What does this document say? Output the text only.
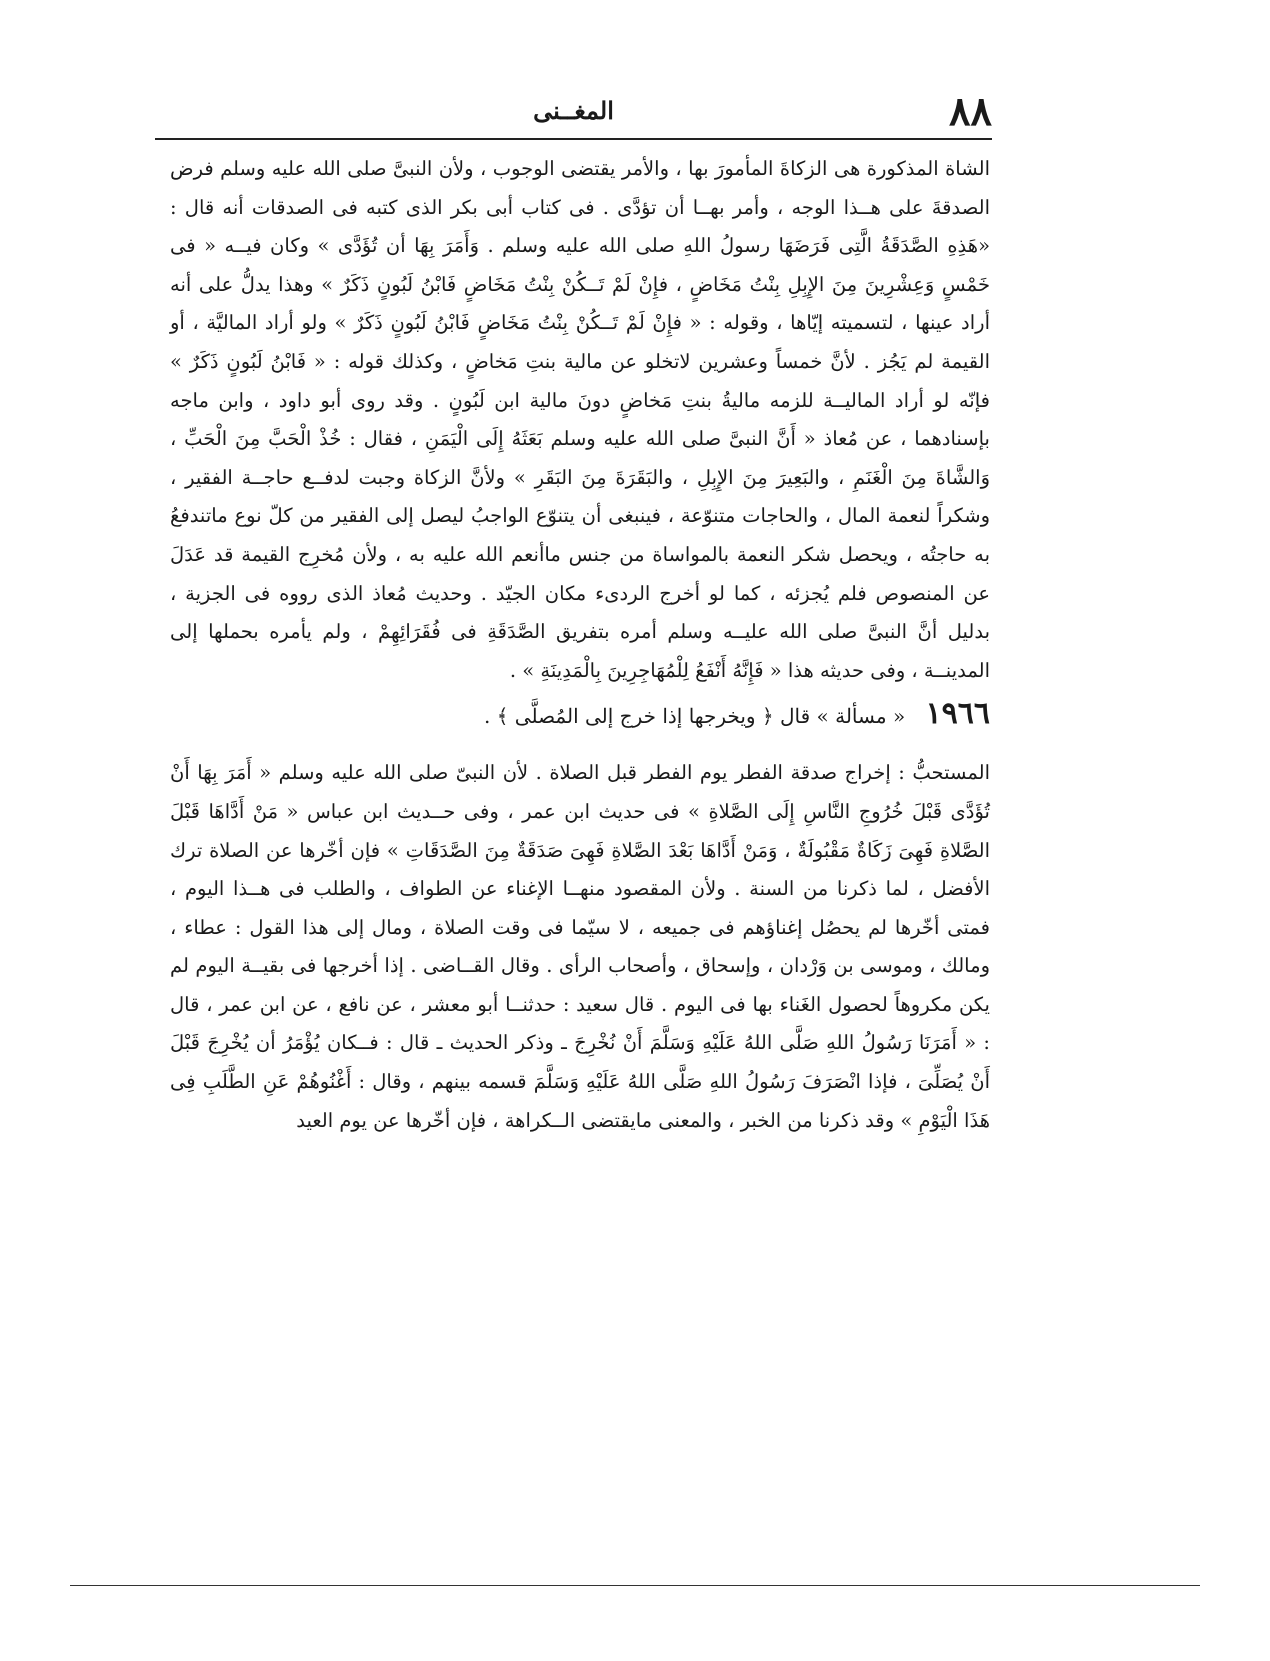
٨٨
المغــنى

الشاة المذكورة هى الزكاةَ المأمورَ بها ، والأمر يقتضى الوجوب ، ولأن النبىَّ صلى الله عليه وسلم فرض الصدقةَ على هــذا الوجه ، وأمر بهــا أن تؤدَّى . فى كتاب أبى بكر الذى كتبه فى الصدقات أنه قال : «هَذِهِ الصَّدَقَةُ الَّتِى فَرَضَهَا رسولُ اللهِ صلى الله عليه وسلم . وَأَمَرَ بِهَا أن تُؤَدَّى » وكان فيــه « فى خَمْسٍ وَعِشْرِينَ مِنَ الإِبِلِ بِنْتُ مَخَاضٍ ، فإِنْ لَمْ تَــكُنْ بِنْتُ مَخَاضٍ فَابْنُ لَبُونٍ ذَكَرٌ » وهذا يدلُّ على أنه أراد عينها ، لتسميته إيّاها ، وقوله : « فإِنْ لَمْ تَــكُنْ بِنْتُ مَخَاضٍ فَابْنُ لَبُونٍ ذَكَرٌ » ولو أراد الماليَّة ، أو القيمة لم يَجُز . لأنَّ خمساً وعشرين لاتخلو عن مالية بنتِ مَخاضٍ ، وكذلك قوله : « فَابْنُ لَبُونٍ ذَكَرٌ » فإنّه لو أراد الماليــة للزمه ماليةُ بنتِ مَخاضٍ دونَ مالية ابن لَبُونٍ . وقد روى أبو داود ، وابن ماجه بإسنادهما ، عن مُعاذ « أَنَّ النبىَّ صلى الله عليه وسلم بَعَثَهُ إِلَى الْيَمَنِ ، فقال : خُذْ الْحَبَّ مِنَ الْحَبِّ ، وَالشَّاةَ مِنَ الْغَنَمِ ، والبَعِيرَ مِنَ الإِبِلِ ، والبَقَرَةَ مِنَ البَقَرِ » ولأنَّ الزكاة وجبت لدفــع حاجــة الفقير ، وشكراً لنعمة المال ، والحاجات متنوّعة ، فينبغى أن يتنوّع الواجبُ ليصل إلى الفقير من كلّ نوع ماتندفعُ به حاجتُه ، ويحصل شكر النعمة بالمواساة من جنس ماأنعم الله عليه به ، ولأن مُخرِج القيمة قد عَدَلَ عن المنصوص فلم يُجزئه ، كما لو أخرج الردىء مكان الجيّد . وحديث مُعاذ الذى رووه فى الجزية ، بدليل أنَّ النبىَّ صلى الله عليــه وسلم أمره بتفريق الصَّدَقَةِ فى فُقَرَائِهِمْ ، ولم يأمره بحملها إلى المدينــة ، وفى حديثه هذا « فَإِنَّهُ أَنْفَعُ لِلْمُهَاجِرِينَ بِالْمَدِينَةِ » .

١٩٦٦ « مسألة » قال ﴿ ويخرجها إذا خرج إلى المُصلَّى ﴾ .

المستحبُّ : إخراج صدقة الفطر يوم الفطر قبل الصلاة . لأن النبىّ صلى الله عليه وسلم « أَمَرَ بِهَا أَنْ تُؤَدَّى قَبْلَ خُرُوجِ النَّاسِ إِلَى الصَّلاةِ » فى حديث ابن عمر ، وفى حــديث ابن عباس « مَنْ أَدَّاهَا قَبْلَ الصَّلاةِ فَهِىَ زَكَاةٌ مَقْبُولَةٌ ، وَمَنْ أَدَّاهَا بَعْدَ الصَّلاةِ فَهِىَ صَدَقَةٌ مِنَ الصَّدَقَاتِ » فإن أخّرها عن الصلاة ترك الأفضل ، لما ذكرنا من السنة . ولأن المقصود منهــا الإغناء عن الطواف ، والطلب فى هــذا اليوم ، فمتى أخّرها لم يحصُل إغناؤهم فى جميعه ، لا سيّما فى وقت الصلاة ، ومال إلى هذا القول : عطاء ، ومالك ، وموسى بن وَرْدان ، وإسحاق ، وأصحاب الرأى . وقال القــاضى . إذا أخرجها فى بقيــة اليوم لم يكن مكروهاً لحصول الغَناء بها فى اليوم . قال سعيد : حدثنــا أبو معشر ، عن نافع ، عن ابن عمر ، قال : « أَمَرَنَا رَسُولُ اللهِ صَلَّى اللهُ عَلَيْهِ وَسَلَّمَ أَنْ نُخْرِجَ ـ وذكر الحديث ـ قال : فــكان يُؤْمَرُ أن يُخْرِجَ قَبْلَ أَنْ يُصَلِّىَ ، فإذا انْصَرَفَ رَسُولُ اللهِ صَلَّى اللهُ عَلَيْهِ وَسَلَّمَ قسمه بينهم ، وقال : أَغْنُوهُمْ عَنِ الطَّلَبِ فِى هَذَا الْيَوْمِ » وقد ذكرنا من الخبر ، والمعنى مايقتضى الــكراهة ، فإن أخّرها عن يوم العيد
